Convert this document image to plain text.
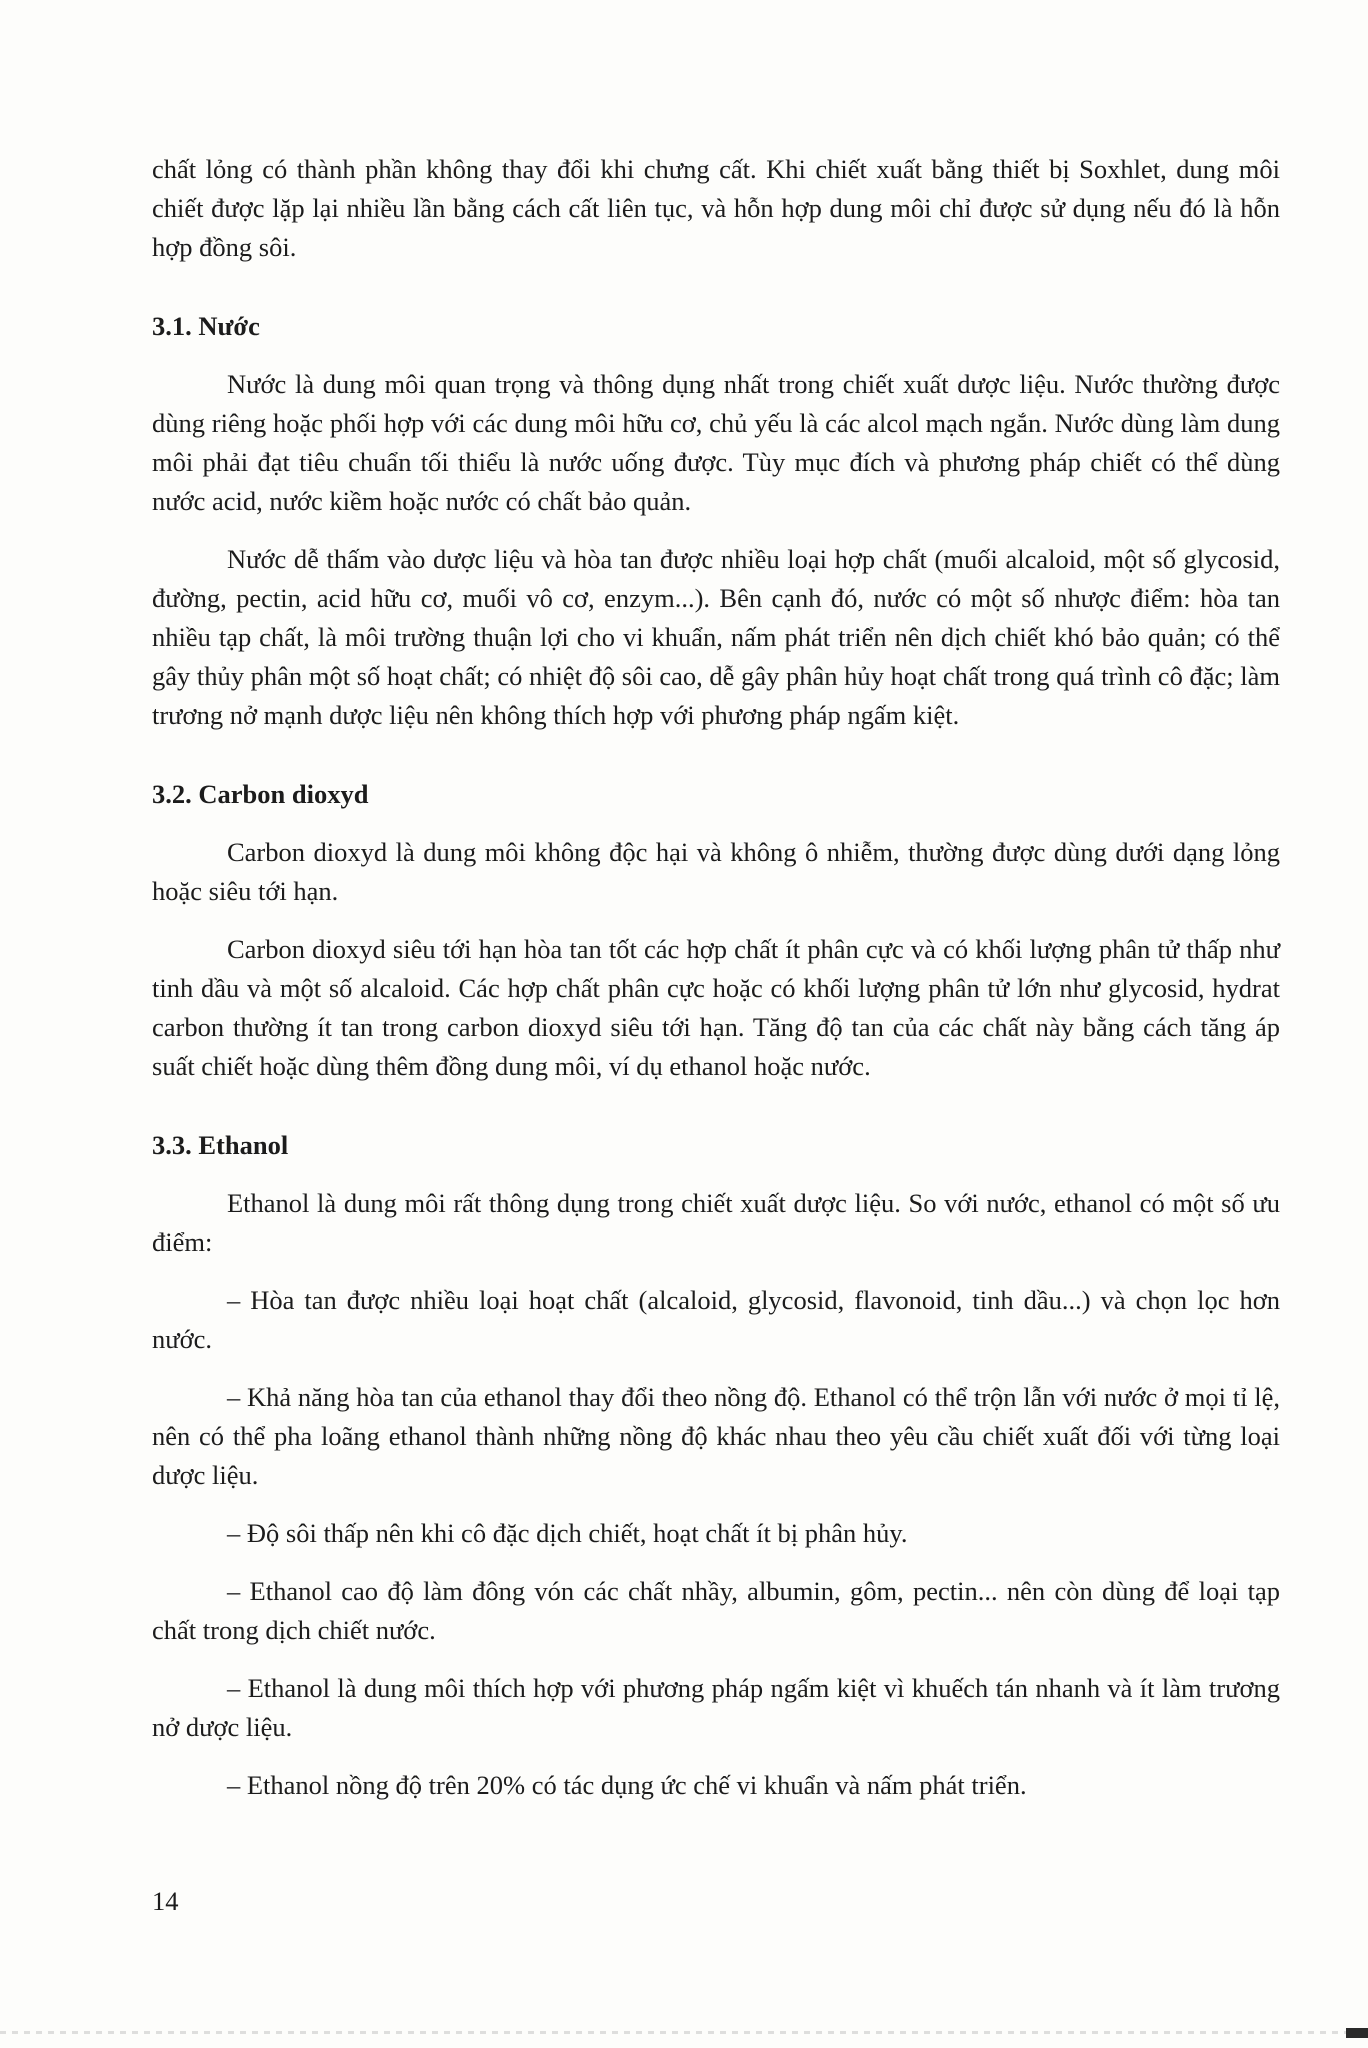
chất lỏng có thành phần không thay đổi khi chưng cất. Khi chiết xuất bằng thiết bị Soxhlet, dung môi chiết được lặp lại nhiều lần bằng cách cất liên tục, và hỗn hợp dung môi chỉ được sử dụng nếu đó là hỗn hợp đồng sôi.

3.1. Nước

Nước là dung môi quan trọng và thông dụng nhất trong chiết xuất dược liệu. Nước thường được dùng riêng hoặc phối hợp với các dung môi hữu cơ, chủ yếu là các alcol mạch ngắn. Nước dùng làm dung môi phải đạt tiêu chuẩn tối thiểu là nước uống được. Tùy mục đích và phương pháp chiết có thể dùng nước acid, nước kiềm hoặc nước có chất bảo quản.

Nước dễ thấm vào dược liệu và hòa tan được nhiều loại hợp chất (muối alcaloid, một số glycosid, đường, pectin, acid hữu cơ, muối vô cơ, enzym...). Bên cạnh đó, nước có một số nhược điểm: hòa tan nhiều tạp chất, là môi trường thuận lợi cho vi khuẩn, nấm phát triển nên dịch chiết khó bảo quản; có thể gây thủy phân một số hoạt chất; có nhiệt độ sôi cao, dễ gây phân hủy hoạt chất trong quá trình cô đặc; làm trương nở mạnh dược liệu nên không thích hợp với phương pháp ngấm kiệt.

3.2. Carbon dioxyd

Carbon dioxyd là dung môi không độc hại và không ô nhiễm, thường được dùng dưới dạng lỏng hoặc siêu tới hạn.

Carbon dioxyd siêu tới hạn hòa tan tốt các hợp chất ít phân cực và có khối lượng phân tử thấp như tinh dầu và một số alcaloid. Các hợp chất phân cực hoặc có khối lượng phân tử lớn như glycosid, hydrat carbon thường ít tan trong carbon dioxyd siêu tới hạn. Tăng độ tan của các chất này bằng cách tăng áp suất chiết hoặc dùng thêm đồng dung môi, ví dụ ethanol hoặc nước.

3.3. Ethanol

Ethanol là dung môi rất thông dụng trong chiết xuất dược liệu. So với nước, ethanol có một số ưu điểm:

– Hòa tan được nhiều loại hoạt chất (alcaloid, glycosid, flavonoid, tinh dầu...) và chọn lọc hơn nước.

– Khả năng hòa tan của ethanol thay đổi theo nồng độ. Ethanol có thể trộn lẫn với nước ở mọi tỉ lệ, nên có thể pha loãng ethanol thành những nồng độ khác nhau theo yêu cầu chiết xuất đối với từng loại dược liệu.

– Độ sôi thấp nên khi cô đặc dịch chiết, hoạt chất ít bị phân hủy.

– Ethanol cao độ làm đông vón các chất nhầy, albumin, gôm, pectin... nên còn dùng để loại tạp chất trong dịch chiết nước.

– Ethanol là dung môi thích hợp với phương pháp ngấm kiệt vì khuếch tán nhanh và ít làm trương nở dược liệu.

– Ethanol nồng độ trên 20% có tác dụng ức chế vi khuẩn và nấm phát triển.

14
